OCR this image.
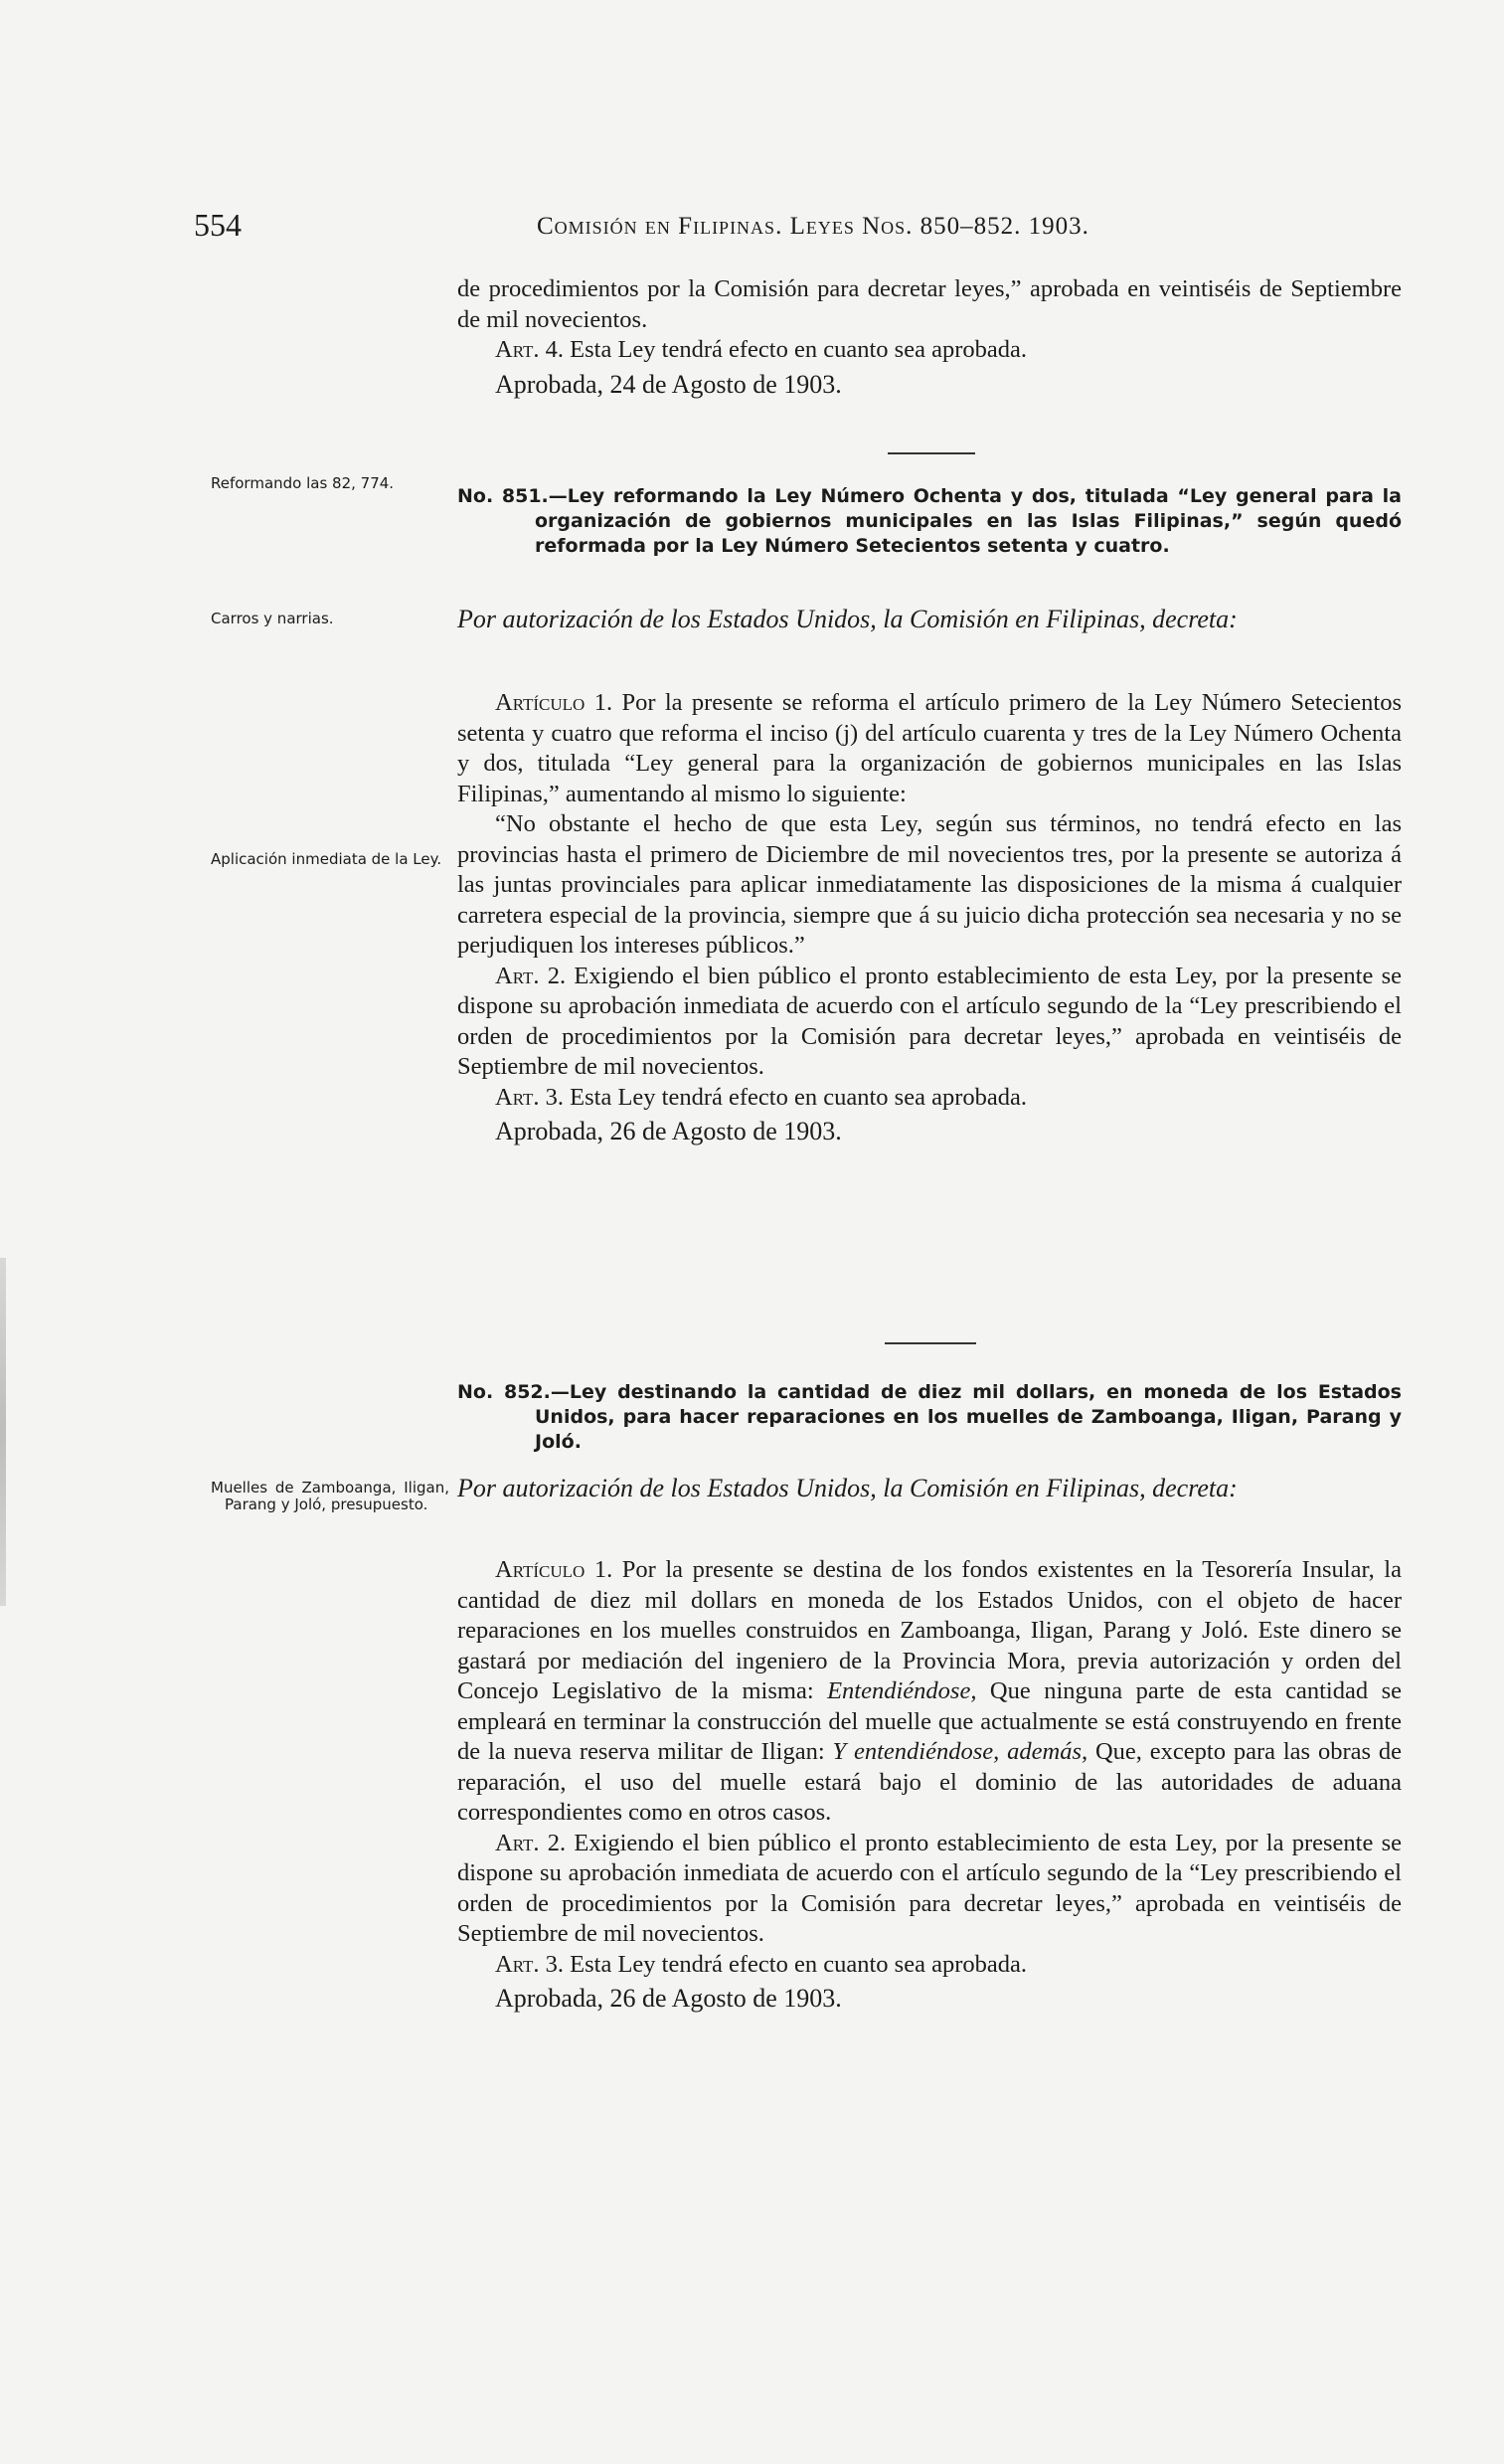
554	Comisión en Filipinas. Leyes Nos. 850–852. 1903.

de procedimientos por la Comisión para decretar leyes,” aprobada en veintiséis de Septiembre de mil novecientos.

Art. 4. Esta Ley tendrá efecto en cuanto sea aprobada.

Aprobada, 24 de Agosto de 1903.

Reformando las 82, 774.
No. 851.—Ley reformando la Ley Número Ochenta y dos, titulada “Ley general para la organización de gobiernos municipales en las Islas Filipinas,” según quedó reformada por la Ley Número Setecientos setenta y cuatro.
Carros y narrias.	Por autorización de los Estados Unidos, la Comisión en Filipinas, decreta:

Artículo 1. Por la presente se reforma el artículo primero de la Ley Número Setecientos setenta y cuatro que reforma el inciso (j) del artículo cuarenta y tres de la Ley Número Ochenta y dos, titulada “Ley general para la organización de gobiernos municipales en las Islas Filipinas,” aumentando al mismo lo siguiente:

“No obstante el hecho de que esta Ley, según sus términos, no tendrá efecto en las provincias hasta el primero de Diciembre de mil novecientos tres, por la presente se autoriza á las juntas provinciales para aplicar inmediatamente las disposiciones de la misma á cualquier carretera especial de la provincia, siempre que á su juicio dicha protección sea necesaria y no se perjudiquen los intereses públicos.”

Art. 2. Exigiendo el bien público el pronto establecimiento de esta Ley, por la presente se dispone su aprobación inmediata de acuerdo con el artículo segundo de la “Ley prescribiendo el orden de procedimientos por la Comisión para decretar leyes,” aprobada en veintiséis de Septiembre de mil novecientos.

Art. 3. Esta Ley tendrá efecto en cuanto sea aprobada.

Aprobada, 26 de Agosto de 1903.

Aplicación inmediata de la Ley.
No. 852.—Ley destinando la cantidad de diez mil dollars, en moneda de los Estados Unidos, para hacer reparaciones en los muelles de Zamboanga, Iligan, Parang y Joló.
Muelles de Zamboanga, Iligan, Parang y Joló, presupuesto.
Por autorización de los Estados Unidos, la Comisión en Filipinas, decreta:

Artículo 1. Por la presente se destina de los fondos existentes en la Tesorería Insular, la cantidad de diez mil dollars en moneda de los Estados Unidos, con el objeto de hacer reparaciones en los muelles construidos en Zamboanga, Iligan, Parang y Joló. Este dinero se gastará por mediación del ingeniero de la Provincia Mora, previa autorización y orden del Concejo Legislativo de la misma: Entendiéndose, Que ninguna parte de esta cantidad se empleará en terminar la construcción del muelle que actualmente se está construyendo en frente de la nueva reserva militar de Iligan: Y entendiéndose, además, Que, excepto para las obras de reparación, el uso del muelle estará bajo el dominio de las autoridades de aduana correspondientes como en otros casos.

Art. 2. Exigiendo el bien público el pronto establecimiento de esta Ley, por la presente se dispone su aprobación inmediata de acuerdo con el artículo segundo de la “Ley prescribiendo el orden de procedimientos por la Comisión para decretar leyes,” aprobada en veintiséis de Septiembre de mil novecientos.

Art. 3. Esta Ley tendrá efecto en cuanto sea aprobada.

Aprobada, 26 de Agosto de 1903.
